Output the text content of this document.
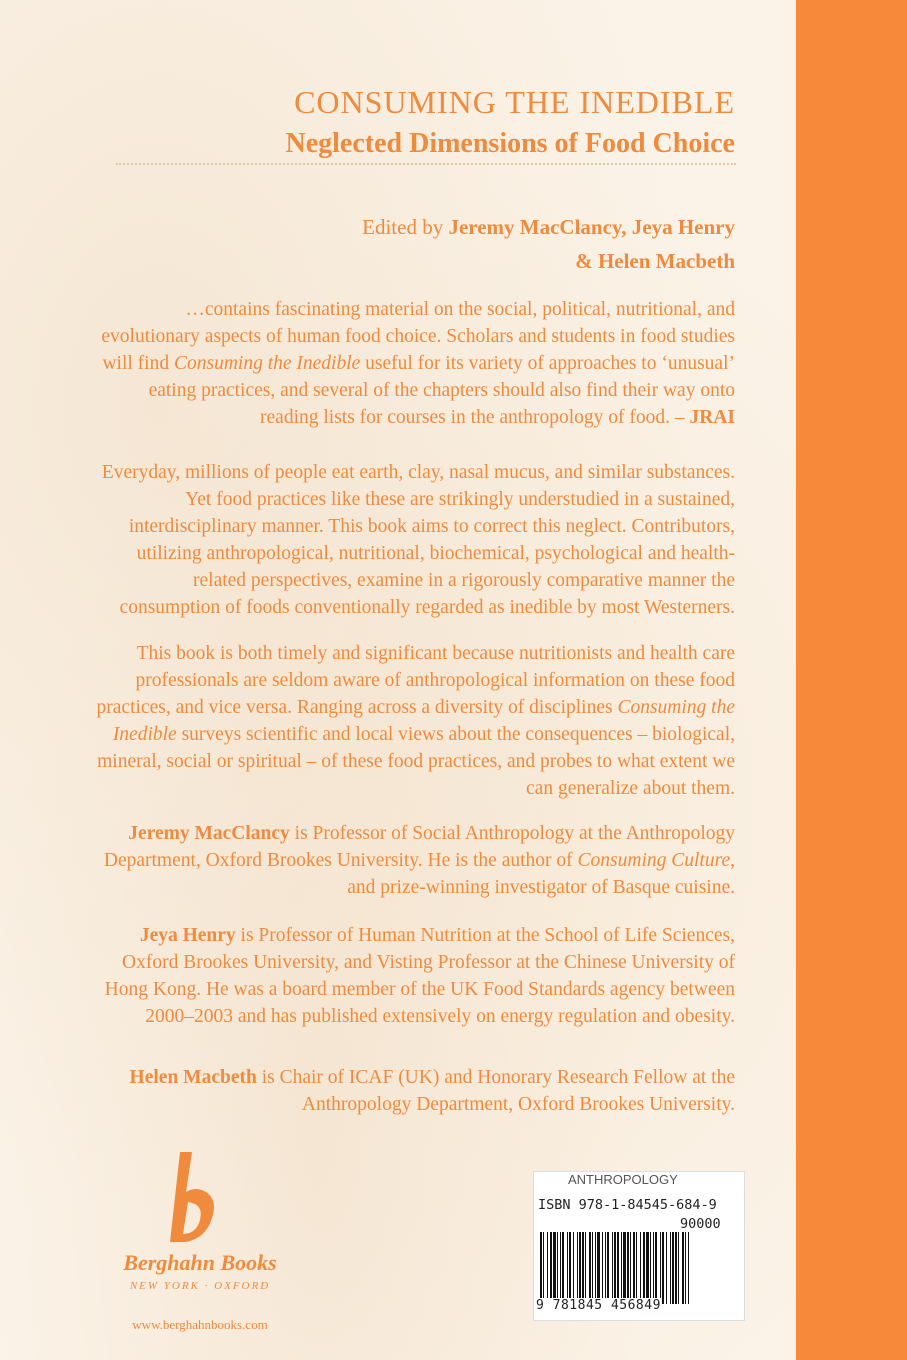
CONSUMING THE INEDIBLE
Neglected Dimensions of Food Choice
Edited by Jeremy MacClancy, Jeya Henry
& Helen Macbeth
…contains fascinating material on the social, political, nutritional, and evolutionary aspects of human food choice. Scholars and students in food studies will find Consuming the Inedible useful for its variety of approaches to ‘unusual’ eating practices, and several of the chapters should also find their way onto reading lists for courses in the anthropology of food. – JRAI
Everyday, millions of people eat earth, clay, nasal mucus, and similar substances. Yet food practices like these are strikingly understudied in a sustained, interdisciplinary manner. This book aims to correct this neglect. Contributors, utilizing anthropological, nutritional, biochemical, psychological and health-related perspectives, examine in a rigorously comparative manner the consumption of foods conventionally regarded as inedible by most Westerners.
This book is both timely and significant because nutritionists and health care professionals are seldom aware of anthropological information on these food practices, and vice versa. Ranging across a diversity of disciplines Consuming the Inedible surveys scientific and local views about the consequences – biological, mineral, social or spiritual – of these food practices, and probes to what extent we can generalize about them.
Jeremy MacClancy is Professor of Social Anthropology at the Anthropology Department, Oxford Brookes University. He is the author of Consuming Culture, and prize-winning investigator of Basque cuisine.
Jeya Henry is Professor of Human Nutrition at the School of Life Sciences, Oxford Brookes University, and Visting Professor at the Chinese University of Hong Kong. He was a board member of the UK Food Standards agency between 2000–2003 and has published extensively on energy regulation and obesity.
Helen Macbeth is Chair of ICAF (UK) and Honorary Research Fellow at the Anthropology Department, Oxford Brookes University.
Berghahn Books
NEW YORK · OXFORD
www.berghahnbooks.com
ANTHROPOLOGY
ISBN 978-1-84545-684-9
90000
9 781845 456849
